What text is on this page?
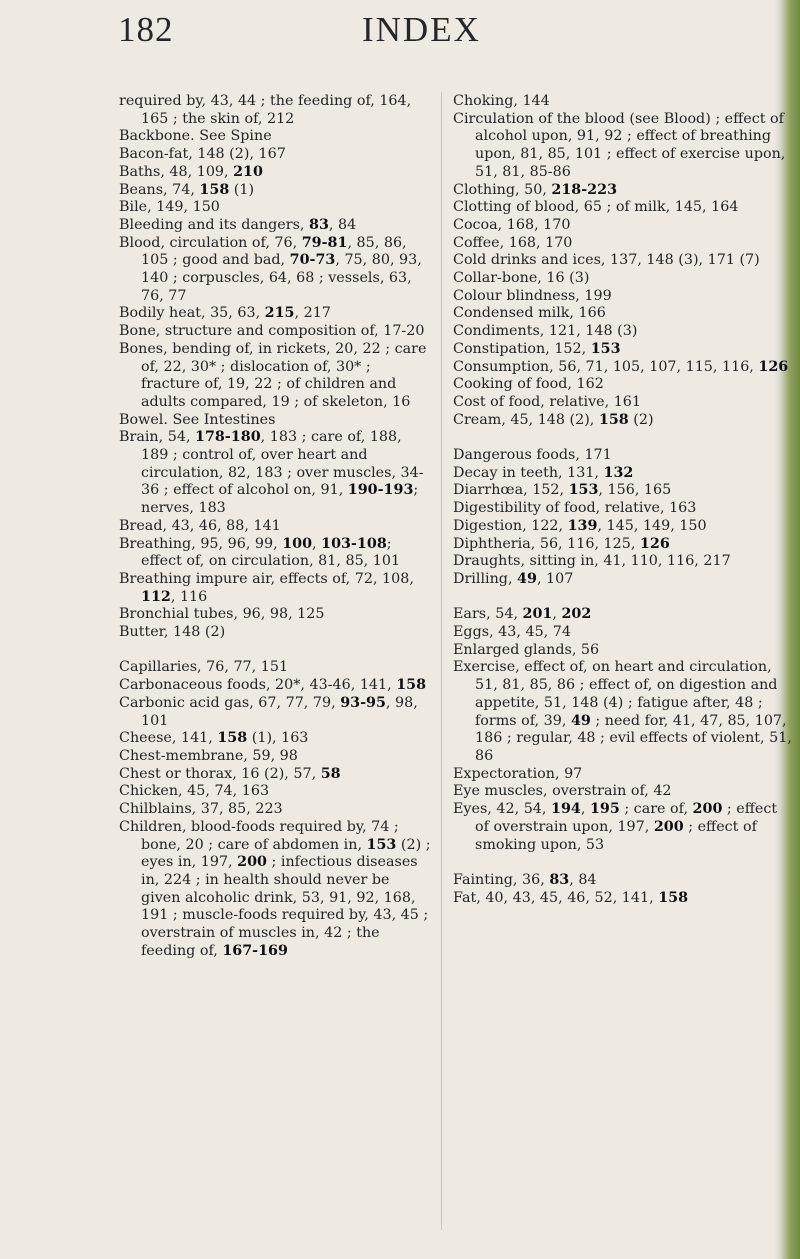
182	INDEX
required by, 43, 44 ; the feeding of, 164, 165 ; the skin of, 212
Backbone. See Spine
Bacon-fat, 148 (2), 167
Baths, 48, 109, 210
Beans, 74, 158 (1)
Bile, 149, 150
Bleeding and its dangers, 83, 84
Blood, circulation of, 76, 79-81, 85, 86, 105 ; good and bad, 70-73, 75, 80, 93, 140 ; corpuscles, 64, 68 ; vessels, 63, 76, 77
Bodily heat, 35, 63, 215, 217
Bone, structure and composition of, 17-20
Bones, bending of, in rickets, 20, 22 ; care of, 22, 30* ; dislocation of, 30* ; fracture of, 19, 22 ; of children and adults compared, 19 ; of skeleton, 16
Bowel. See Intestines
Brain, 54, 178-180, 183 ; care of, 188, 189 ; control of, over heart and circulation, 82, 183 ; over muscles, 34-36 ; effect of alcohol on, 91, 190-193; nerves, 183
Bread, 43, 46, 88, 141
Breathing, 95, 96, 99, 100, 103-108; effect of, on circulation, 81, 85, 101
Breathing impure air, effects of, 72, 108, 112, 116
Bronchial tubes, 96, 98, 125
Butter, 148 (2)
Capillaries, 76, 77, 151
Carbonaceous foods, 20*, 43-46, 141, 158
Carbonic acid gas, 67, 77, 79, 93-95, 98, 101
Cheese, 141, 158 (1), 163
Chest-membrane, 59, 98
Chest or thorax, 16 (2), 57, 58
Chicken, 45, 74, 163
Chilblains, 37, 85, 223
Children, blood-foods required by, 74 ; bone, 20 ; care of abdomen in, 153 (2) ; eyes in, 197, 200 ; infectious diseases in, 224 ; in health should never be given alcoholic drink, 53, 91, 92, 168, 191 ; muscle-foods required by, 43, 45 ; overstrain of muscles in, 42 ; the feeding of, 167-169
Choking, 144
Circulation of the blood (see Blood) ; effect of alcohol upon, 91, 92 ; effect of breathing upon, 81, 85, 101 ; effect of exercise upon, 51, 81, 85-86
Clothing, 50, 218-223
Clotting of blood, 65 ; of milk, 145, 164
Cocoa, 168, 170
Coffee, 168, 170
Cold drinks and ices, 137, 148 (3), 171 (7)
Collar-bone, 16 (3)
Colour blindness, 199
Condensed milk, 166
Condiments, 121, 148 (3)
Constipation, 152, 153
Consumption, 56, 71, 105, 107, 115, 116, 126
Cooking of food, 162
Cost of food, relative, 161
Cream, 45, 148 (2), 158 (2)
Dangerous foods, 171
Decay in teeth, 131, 132
Diarrhœa, 152, 153, 156, 165
Digestibility of food, relative, 163
Digestion, 122, 139, 145, 149, 150
Diphtheria, 56, 116, 125, 126
Draughts, sitting in, 41, 110, 116, 217
Drilling, 49, 107
Ears, 54, 201, 202
Eggs, 43, 45, 74
Enlarged glands, 56
Exercise, effect of, on heart and circulation, 51, 81, 85, 86 ; effect of, on digestion and appetite, 51, 148 (4) ; fatigue after, 48 ; forms of, 39, 49 ; need for, 41, 47, 85, 107, 186 ; regular, 48 ; evil effects of violent, 51, 86
Expectoration, 97
Eye muscles, overstrain of, 42
Eyes, 42, 54, 194, 195 ; care of, 200 ; effect of overstrain upon, 197, 200 ; effect of smoking upon, 53
Fainting, 36, 83, 84
Fat, 40, 43, 45, 46, 52, 141, 158
